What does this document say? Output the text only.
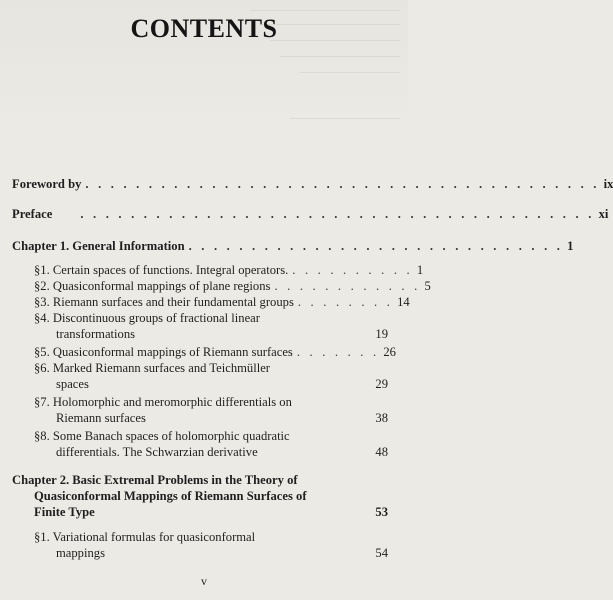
CONTENTS
Foreword by . . . . . . . . . . . . . . . . . . . . . . . . . . . . . . . . . . . . . . . . . ix
Preface . . . . . . . . . . . . . . . . . . . . . . . . . . . . . . . . . . . . . . . . . xi
Chapter 1. General Information . . . . . . . . . . . . . . . . . . . . . . . . . . . . . . 1
§1. Certain spaces of functions. Integral operators. . . . . . . . . . . 1
§2. Quasiconformal mappings of plane regions . . . . . . . . . . . . 5
§3. Riemann surfaces and their fundamental groups . . . . . . . . 14
§4. Discontinuous groups of fractional linear
transformations	19
§5. Quasiconformal mappings of Riemann surfaces . . . . . . . 26
§6. Marked Riemann surfaces and Teichmüller
spaces	29
§7. Holomorphic and meromorphic differentials on
Riemann surfaces	38
§8. Some Banach spaces of holomorphic quadratic
differentials. The Schwarzian derivative	48
Chapter 2. Basic Extremal Problems in the Theory of
Quasiconformal Mappings of Riemann Surfaces of
Finite Type	53
§1. Variational formulas for quasiconformal
mappings	54
v
